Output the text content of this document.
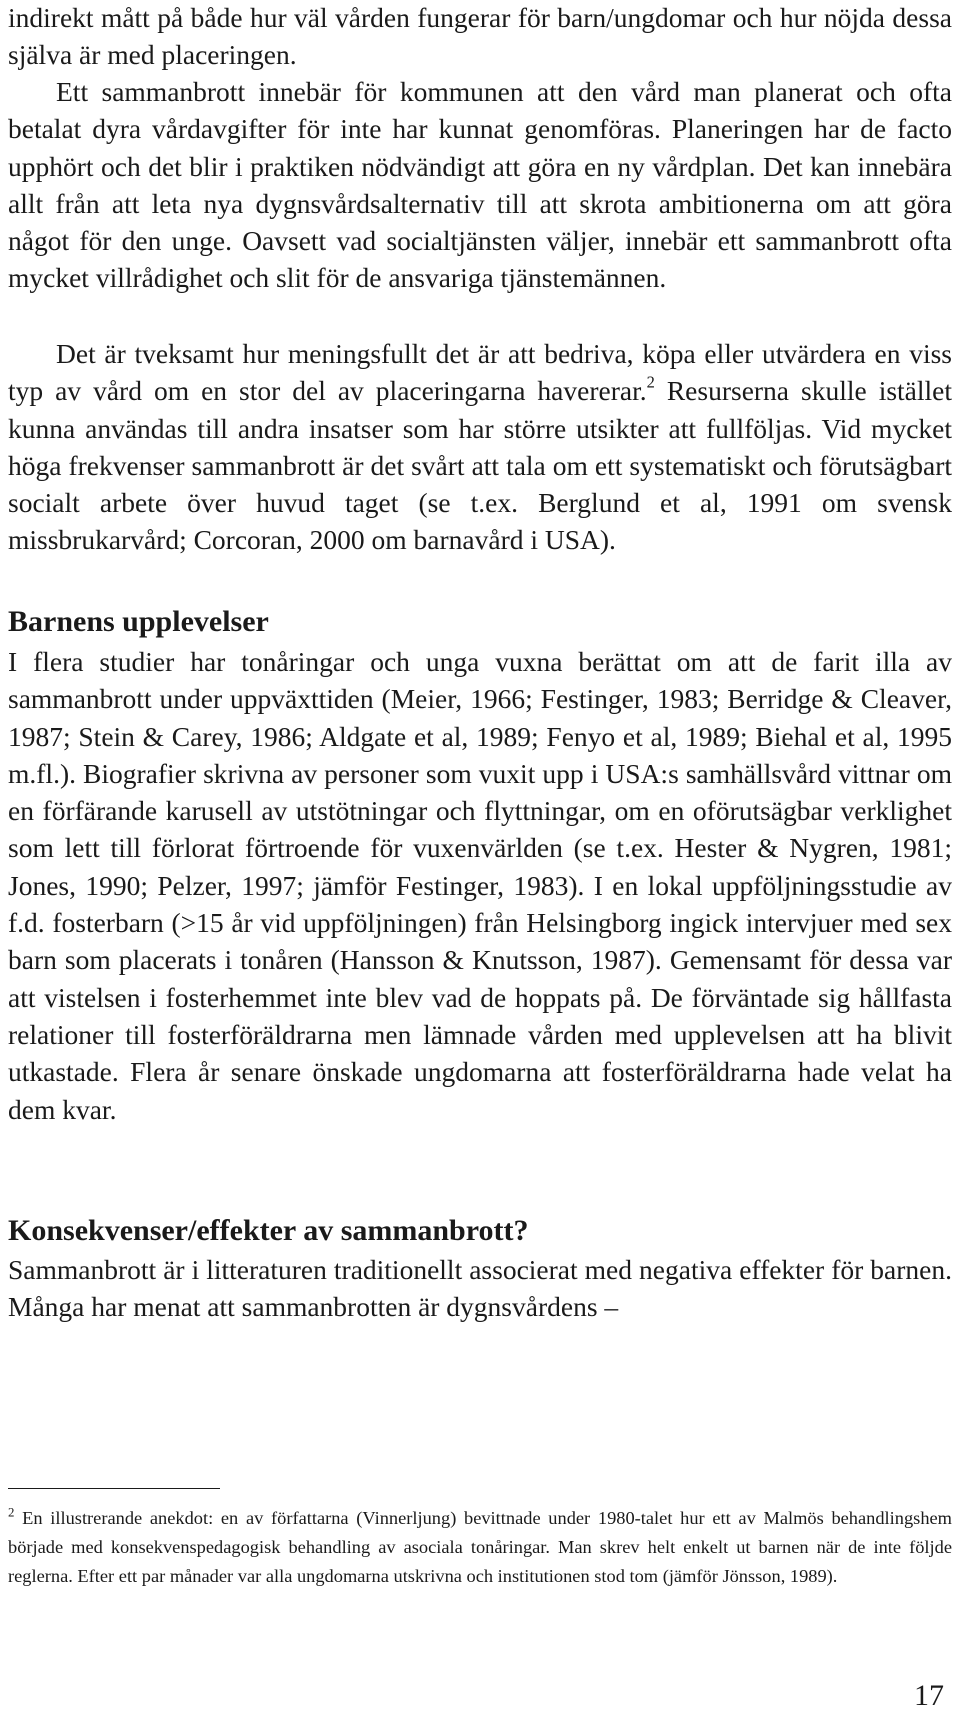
indirekt mått på både hur väl vården fungerar för barn/ungdomar och hur nöjda dessa själva är med placeringen.

Ett sammanbrott innebär för kommunen att den vård man planerat och ofta betalat dyra vårdavgifter för inte har kunnat genomföras. Planeringen har de facto upphört och det blir i praktiken nödvändigt att göra en ny vårdplan. Det kan innebära allt från att leta nya dygnsvårdsalternativ till att skrota ambitionerna om att göra något för den unge. Oavsett vad socialtjänsten väljer, innebär ett sammanbrott ofta mycket villrådighet och slit för de ansvariga tjänstemännen.

Det är tveksamt hur meningsfullt det är att bedriva, köpa eller utvärdera en viss typ av vård om en stor del av placeringarna havererar.$^2$ Resurserna skulle istället kunna användas till andra insatser som har större utsikter att fullföljas. Vid mycket höga frekvenser sammanbrott är det svårt att tala om ett systematiskt och förutsägbart socialt arbete över huvud taget (se t.ex. Berglund et al, 1991 om svensk missbrukarvård; Corcoran, 2000 om barnavård i USA).

Barnens upplevelser

I flera studier har tonåringar och unga vuxna berättat om att de farit illa av sammanbrott under uppväxttiden (Meier, 1966; Festinger, 1983; Berridge & Cleaver, 1987; Stein & Carey, 1986; Aldgate et al, 1989; Fenyo et al, 1989; Biehal et al, 1995 m.fl.). Biografier skrivna av personer som vuxit upp i USA:s samhällsvård vittnar om en förfärande karusell av utstötningar och flyttningar, om en oförutsägbar verklighet som lett till förlorat förtroende för vuxenvärlden (se t.ex. Hester & Nygren, 1981; Jones, 1990; Pelzer, 1997; jämför Festinger, 1983). I en lokal uppföljningsstudie av f.d. fosterbarn (>15 år vid uppföljningen) från Helsingborg ingick intervjuer med sex barn som placerats i tonåren (Hansson & Knutsson, 1987). Gemensamt för dessa var att vistelsen i fosterhemmet inte blev vad de hoppats på. De förväntade sig hållfasta relationer till fosterföräldrarna men lämnade vården med upplevelsen att ha blivit utkastade. Flera år senare önskade ungdomarna att fosterföräldrarna hade velat ha dem kvar.

Konsekvenser/effekter av sammanbrott?

Sammanbrott är i litteraturen traditionellt associerat med negativa effekter för barnen. Många har menat att sammanbrotten är dygnsvårdens –

$^2$ En illustrerande anekdot: en av författarna (Vinnerljung) bevittnade under 1980-talet hur ett av Malmös behandlingshem började med konsekvenspedagogisk behandling av asociala tonåringar. Man skrev helt enkelt ut barnen när de inte följde reglerna. Efter ett par månader var alla ungdomarna utskrivna och institutionen stod tom (jämför Jönsson, 1989).

17
